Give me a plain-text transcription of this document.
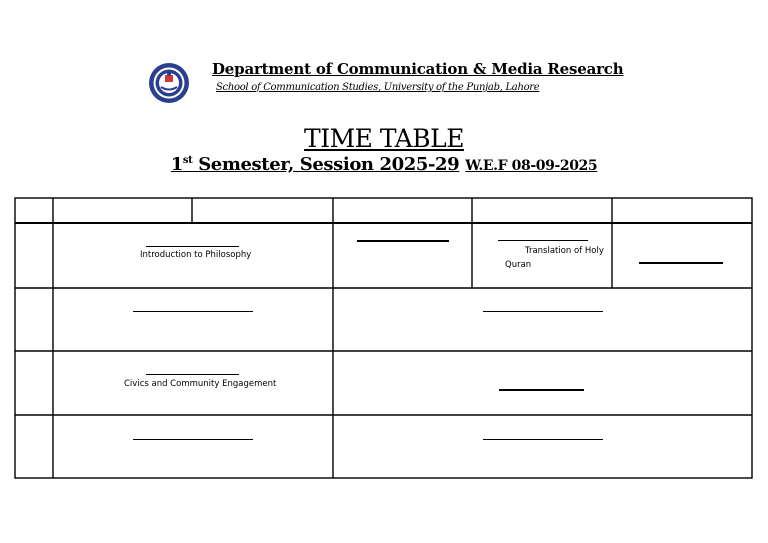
Department of Communication & Media Research
School of Communication Studies, University of the Punjab, Lahore
TIME TABLE
1st Semester, Session 2025-29 W.E.F 08-09-2025
Introduction to Philosophy	Translation of Holy Quran
Civics and Community Engagement
